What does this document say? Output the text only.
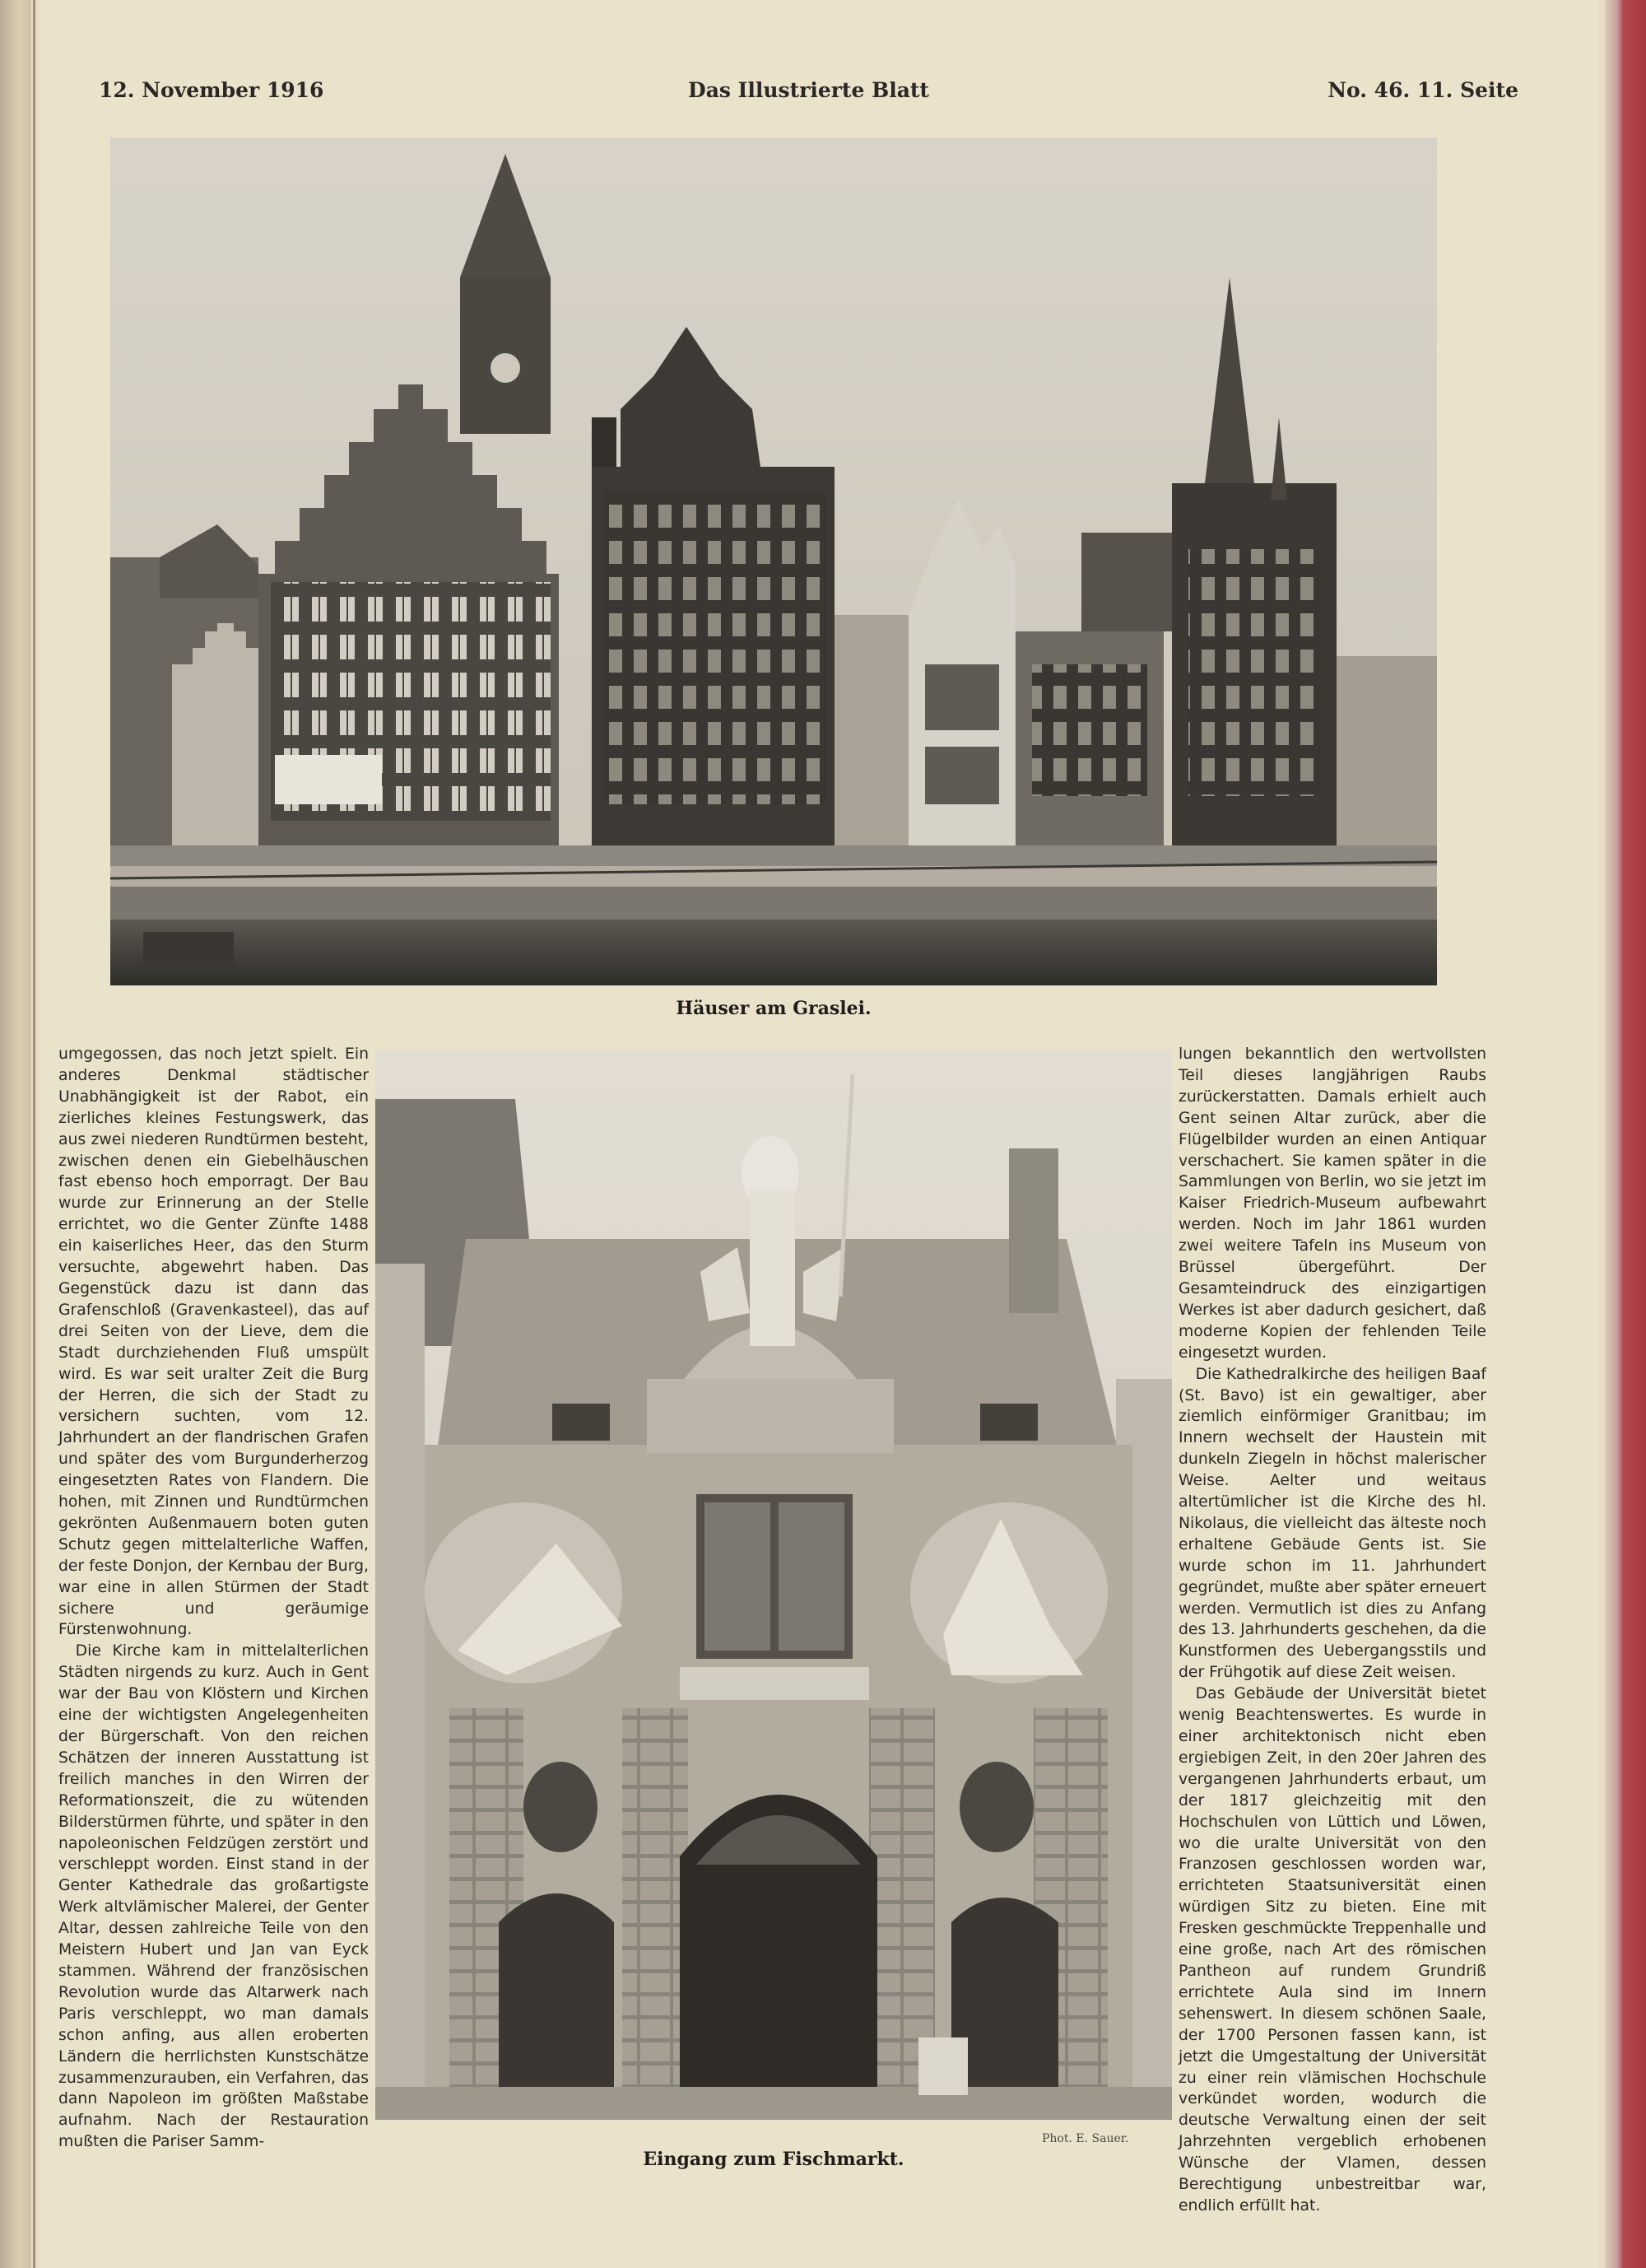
12. November 1916	Das Illustrierte Blatt	No. 46. 11. Seite
Häuser am Graslei.

umgegossen, das noch jetzt spielt. Ein anderes Denkmal städtischer Unabhängigkeit ist der Rabot, ein zierliches kleines Festungswerk, das aus zwei niederen Rundtürmen besteht, zwischen denen ein Giebelhäuschen fast ebenso hoch emporragt. Der Bau wurde zur Erinnerung an der Stelle errichtet, wo die Genter Zünfte 1488 ein kaiserliches Heer, das den Sturm versuchte, abgewehrt haben. Das Gegenstück dazu ist dann das Grafenschloß (Gravenkasteel), das auf drei Seiten von der Lieve, dem die Stadt durchziehenden Fluß umspült wird. Es war seit uralter Zeit die Burg der Herren, die sich der Stadt zu versichern suchten, vom 12. Jahrhundert an der flandrischen Grafen und später des vom Burgunderherzog eingesetzten Rates von Flandern. Die hohen, mit Zinnen und Rundtürmchen gekrönten Außenmauern boten guten Schutz gegen mittelalterliche Waffen, der feste Donjon, der Kernbau der Burg, war eine in allen Stürmen der Stadt sichere und geräumige Fürstenwohnung.

Die Kirche kam in mittelalterlichen Städten nirgends zu kurz. Auch in Gent war der Bau von Klöstern und Kirchen eine der wichtigsten Angelegenheiten der Bürgerschaft. Von den reichen Schätzen der inneren Ausstattung ist freilich manches in den Wirren der Reformationszeit, die zu wütenden Bilderstürmen führte, und später in den napoleonischen Feldzügen zerstört und verschleppt worden. Einst stand in der Genter Kathedrale das großartigste Werk altvlämischer Malerei, der Genter Altar, dessen zahlreiche Teile von den Meistern Hubert und Jan van Eyck stammen. Während der französischen Revolution wurde das Altarwerk nach Paris verschleppt, wo man damals schon anfing, aus allen eroberten Ländern die herrlichsten Kunstschätze zusammenzurauben, ein Verfahren, das dann Napoleon im größten Maßstabe aufnahm. Nach der Restauration mußten die Pariser Samm-

Eingang zum Fischmarkt.
Phot. E. Sauer.

lungen bekanntlich den wertvollsten Teil dieses langjährigen Raubs zurückerstatten. Damals erhielt auch Gent seinen Altar zurück, aber die Flügelbilder wurden an einen Antiquar verschachert. Sie kamen später in die Sammlungen von Berlin, wo sie jetzt im Kaiser Friedrich-Museum aufbewahrt werden. Noch im Jahr 1861 wurden zwei weitere Tafeln ins Museum von Brüssel übergeführt. Der Gesamteindruck des einzigartigen Werkes ist aber dadurch gesichert, daß moderne Kopien der fehlenden Teile eingesetzt wurden.

Die Kathedralkirche des heiligen Baaf (St. Bavo) ist ein gewaltiger, aber ziemlich einförmiger Granitbau; im Innern wechselt der Haustein mit dunkeln Ziegeln in höchst malerischer Weise. Aelter und weitaus altertümlicher ist die Kirche des hl. Nikolaus, die vielleicht das älteste noch erhaltene Gebäude Gents ist. Sie wurde schon im 11. Jahrhundert gegründet, mußte aber später erneuert werden. Vermutlich ist dies zu Anfang des 13. Jahrhunderts geschehen, da die Kunstformen des Uebergangsstils und der Frühgotik auf diese Zeit weisen.

Das Gebäude der Universität bietet wenig Beachtenswertes. Es wurde in einer architektonisch nicht eben ergiebigen Zeit, in den 20er Jahren des vergangenen Jahrhunderts erbaut, um der 1817 gleichzeitig mit den Hochschulen von Lüttich und Löwen, wo die uralte Universität von den Franzosen geschlossen worden war, errichteten Staatsuniversität einen würdigen Sitz zu bieten. Eine mit Fresken geschmückte Treppenhalle und eine große, nach Art des römischen Pantheon auf rundem Grundriß errichtete Aula sind im Innern sehenswert. In diesem schönen Saale, der 1700 Personen fassen kann, ist jetzt die Umgestaltung der Universität zu einer rein vlämischen Hochschule verkündet worden, wodurch die deutsche Verwaltung einen der seit Jahrzehnten vergeblich erhobenen Wünsche der Vlamen, dessen Berechtigung unbestreitbar war, endlich erfüllt hat.
